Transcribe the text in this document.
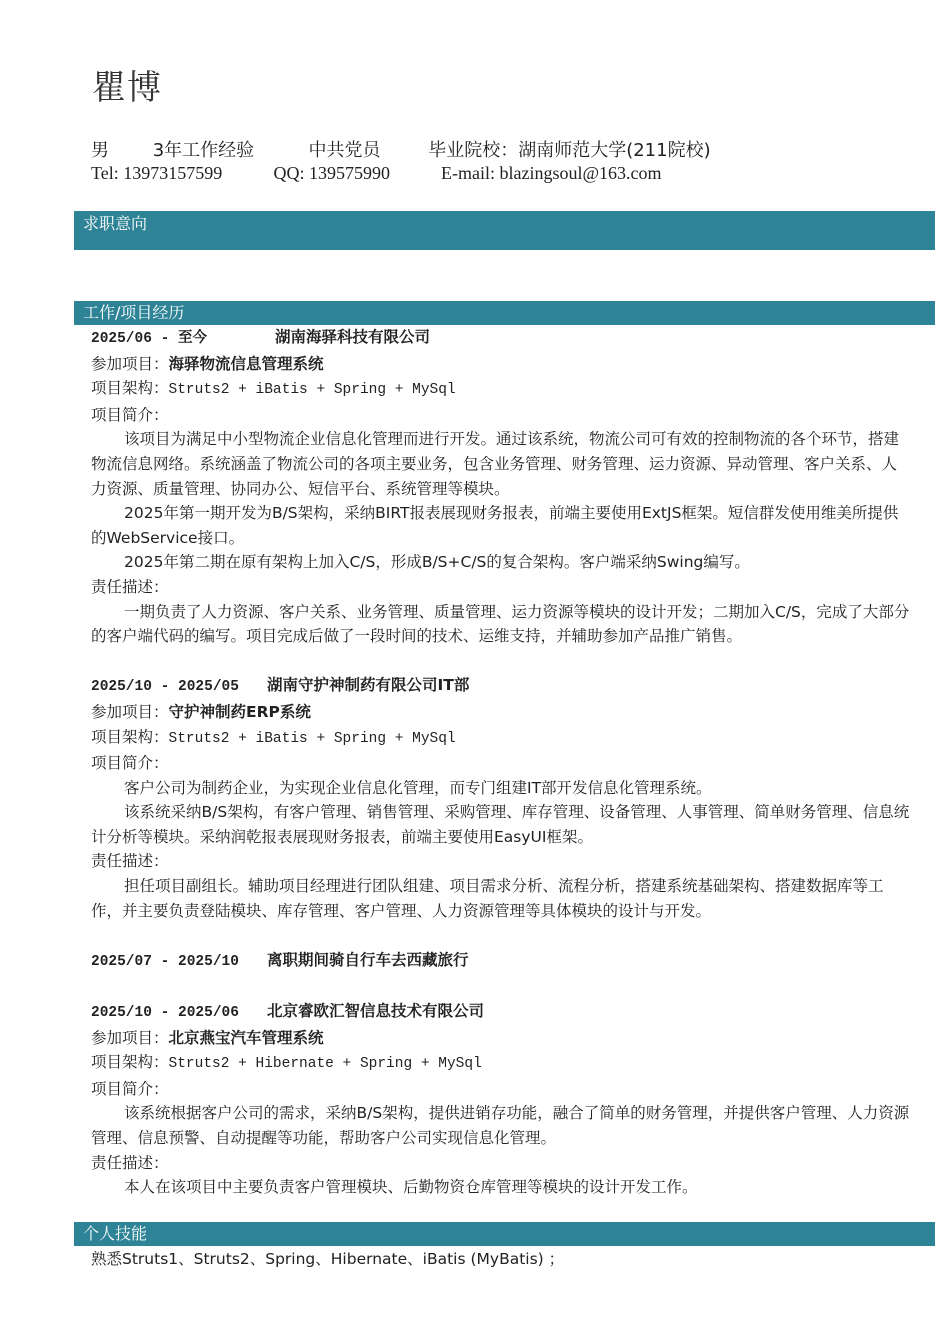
瞿博
男 3年工作经验	中共党员	毕业院校：湖南师范大学(211院校)
Tel: 13973157599	QQ: 139575990	E-mail: blazingsoul@163.com
求职意向
工作/项目经历
2025/06 - 至今	湖南海驿科技有限公司
参加项目：海驿物流信息管理系统
项目架构：Struts2 + iBatis + Spring + MySql
项目简介：
该项目为满足中小型物流企业信息化管理而进行开发。通过该系统，物流公司可有效的控制物流的各个环节，搭建物流信息网络。系统涵盖了物流公司的各项主要业务，包含业务管理、财务管理、运力资源、异动管理、客户关系、人力资源、质量管理、协同办公、短信平台、系统管理等模块。
2025年第一期开发为B/S架构，采纳BIRT报表展现财务报表，前端主要使用ExtJS框架。短信群发使用维美所提供的WebService接口。
2025年第二期在原有架构上加入C/S，形成B/S+C/S的复合架构。客户端采纳Swing编写。
责任描述：
一期负责了人力资源、客户关系、业务管理、质量管理、运力资源等模块的设计开发；二期加入C/S，完成了大部分的客户端代码的编写。项目完成后做了一段时间的技术、运维支持，并辅助参加产品推广销售。
2025/10 - 2025/05 湖南守护神制药有限公司IT部
参加项目：守护神制药ERP系统
项目架构：Struts2 + iBatis + Spring + MySql
项目简介：
客户公司为制药企业，为实现企业信息化管理，而专门组建IT部开发信息化管理系统。
该系统采纳B/S架构，有客户管理、销售管理、采购管理、库存管理、设备管理、人事管理、简单财务管理、信息统计分析等模块。采纳润乾报表展现财务报表，前端主要使用EasyUI框架。
责任描述：
担任项目副组长。辅助项目经理进行团队组建、项目需求分析、流程分析，搭建系统基础架构、搭建数据库等工作，并主要负责登陆模块、库存管理、客户管理、人力资源管理等具体模块的设计与开发。
2025/07 - 2025/10 离职期间骑自行车去西藏旅行
2025/10 - 2025/06 北京睿欧汇智信息技术有限公司
参加项目：北京燕宝汽车管理系统
项目架构：Struts2 + Hibernate + Spring + MySql
项目简介：
该系统根据客户公司的需求，采纳B/S架构，提供进销存功能，融合了简单的财务管理，并提供客户管理、人力资源管理、信息预警、自动提醒等功能，帮助客户公司实现信息化管理。
责任描述：
本人在该项目中主要负责客户管理模块、后勤物资仓库管理等模块的设计开发工作。
个人技能
熟悉Struts1、Struts2、Spring、Hibernate、iBatis (MyBatis) ；
